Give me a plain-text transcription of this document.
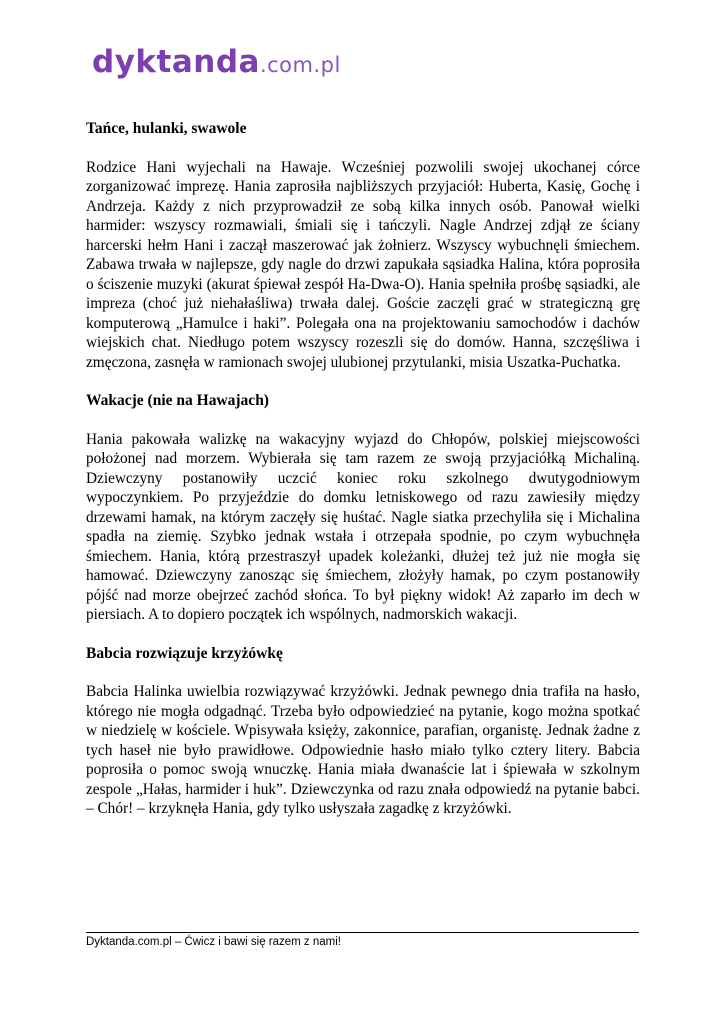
dyktanda.com.pl
Tańce, hulanki, swawole

Rodzice Hani wyjechali na Hawaje. Wcześniej pozwolili swojej ukochanej córce zorganizować imprezę. Hania zaprosiła najbliższych przyjaciół: Huberta, Kasię, Gochę i Andrzeja. Każdy z nich przyprowadził ze sobą kilka innych osób. Panował wielki harmider: wszyscy rozmawiali, śmiali się i tańczyli. Nagle Andrzej zdjął ze ściany harcerski hełm Hani i zaczął maszerować jak żołnierz. Wszyscy wybuchnęli śmiechem. Zabawa trwała w najlepsze, gdy nagle do drzwi zapukała sąsiadka Halina, która poprosiła o ściszenie muzyki (akurat śpiewał zespół Ha-Dwa-O). Hania spełniła prośbę sąsiadki, ale impreza (choć już niehałaśliwa) trwała dalej. Goście zaczęli grać w strategiczną grę komputerową „Hamulce i haki”. Polegała ona na projektowaniu samochodów i dachów wiejskich chat. Niedługo potem wszyscy rozeszli się do domów. Hanna, szczęśliwa i zmęczona, zasnęła w ramionach swojej ulubionej przytulanki, misia Uszatka-Puchatka.

Wakacje (nie na Hawajach)

Hania pakowała walizkę na wakacyjny wyjazd do Chłopów, polskiej miejscowości położonej nad morzem. Wybierała się tam razem ze swoją przyjaciółką Michaliną. Dziewczyny postanowiły uczcić koniec roku szkolnego dwutygodniowym wypoczynkiem. Po przyjeździe do domku letniskowego od razu zawiesiły między drzewami hamak, na którym zaczęły się huśtać. Nagle siatka przechyliła się i Michalina spadła na ziemię. Szybko jednak wstała i otrzepała spodnie, po czym wybuchnęła śmiechem. Hania, którą przestraszył upadek koleżanki, dłużej też już nie mogła się hamować. Dziewczyny zanosząc się śmiechem, złożyły hamak, po czym postanowiły pójść nad morze obejrzeć zachód słońca. To był piękny widok! Aż zaparło im dech w piersiach. A to dopiero początek ich wspólnych, nadmorskich wakacji.

Babcia rozwiązuje krzyżówkę

Babcia Halinka uwielbia rozwiązywać krzyżówki. Jednak pewnego dnia trafiła na hasło, którego nie mogła odgadnąć. Trzeba było odpowiedzieć na pytanie, kogo można spotkać w niedzielę w kościele. Wpisywała księży, zakonnice, parafian, organistę. Jednak żadne z tych haseł nie było prawidłowe. Odpowiednie hasło miało tylko cztery litery. Babcia poprosiła o pomoc swoją wnuczkę. Hania miała dwanaście lat i śpiewała w szkolnym zespole „Hałas, harmider i huk”. Dziewczynka od razu znała odpowiedź na pytanie babci. – Chór! – krzyknęła Hania, gdy tylko usłyszała zagadkę z krzyżówki.

Dyktanda.com.pl – Ćwicz i bawi się razem z nami!
